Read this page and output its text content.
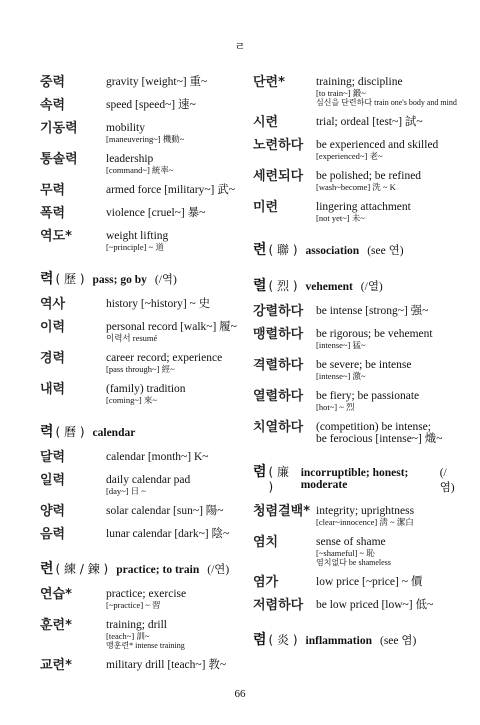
ㄹ
중력	gravity [weight~] 重~
속력	speed [speed~] 速~
기동력	mobility
[maneuvering~] 機動~
통솔력	leadership
[command~] 統率~
무력	armed force [military~] 武~
폭력	violence [cruel~] 暴~
역도*	weight lifting
[~principle] ~ 道
력 ( 歷 ) pass; go by (/역)
역사	history [~history] ~ 史
이력	personal record [walk~] 履~
이력서 resumé
경력	career record; experience
[pass through~] 經~
내력	(family) tradition
[coming~] 來~
력 ( 曆 ) calendar
달력	calendar [month~] K~
일력	daily calendar pad
[day~] 日 ~
양력	solar calendar [sun~] 陽~
음력	lunar calendar [dark~] 陰~
련 ( 練 / 鍊 ) practice; to train (/연)
연습*	practice; exercise
[~practice] ~ 習
훈련*	training; drill
[teach~] 訓~
맹훈련* intense training
교련*	military drill [teach~] 教~
단련*	training; discipline
[to train~] 鍛~
심신을 단련하다 train one's body and mind
시련	trial; ordeal [test~] 試~
노련하다	be experienced and skilled
[experienced~] 老~
세련되다	be polished; be refined
[wash~become] 洗 ~ K
미련	lingering attachment
[not yet~] 未~
련 ( 聯 ) association (see 연)
렬 ( 烈 ) vehement (/열)
강렬하다	be intense [strong~] 强~
맹렬하다	be rigorous; be vehement
[intense~] 猛~
격렬하다	be severe; be intense
[intense~] 激~
열렬하다	be fiery; be passionate
[hot~] ~ 烈
치열하다	(competition) be intense;
be ferocious [intense~] 熾~
렴 ( 廉 )
incorruptible; honest; moderate
(/염)
청렴결백* integrity; uprightness
[clear~innocence] 淸 ~ 潔白
염치	sense of shame
[~shameful] ~ 恥
염치없다 be shameless
염가	low price [~price] ~ 價
저렴하다	be low priced [low~] 低~
렴 ( 炎 ) inflammation (see 염)
66
